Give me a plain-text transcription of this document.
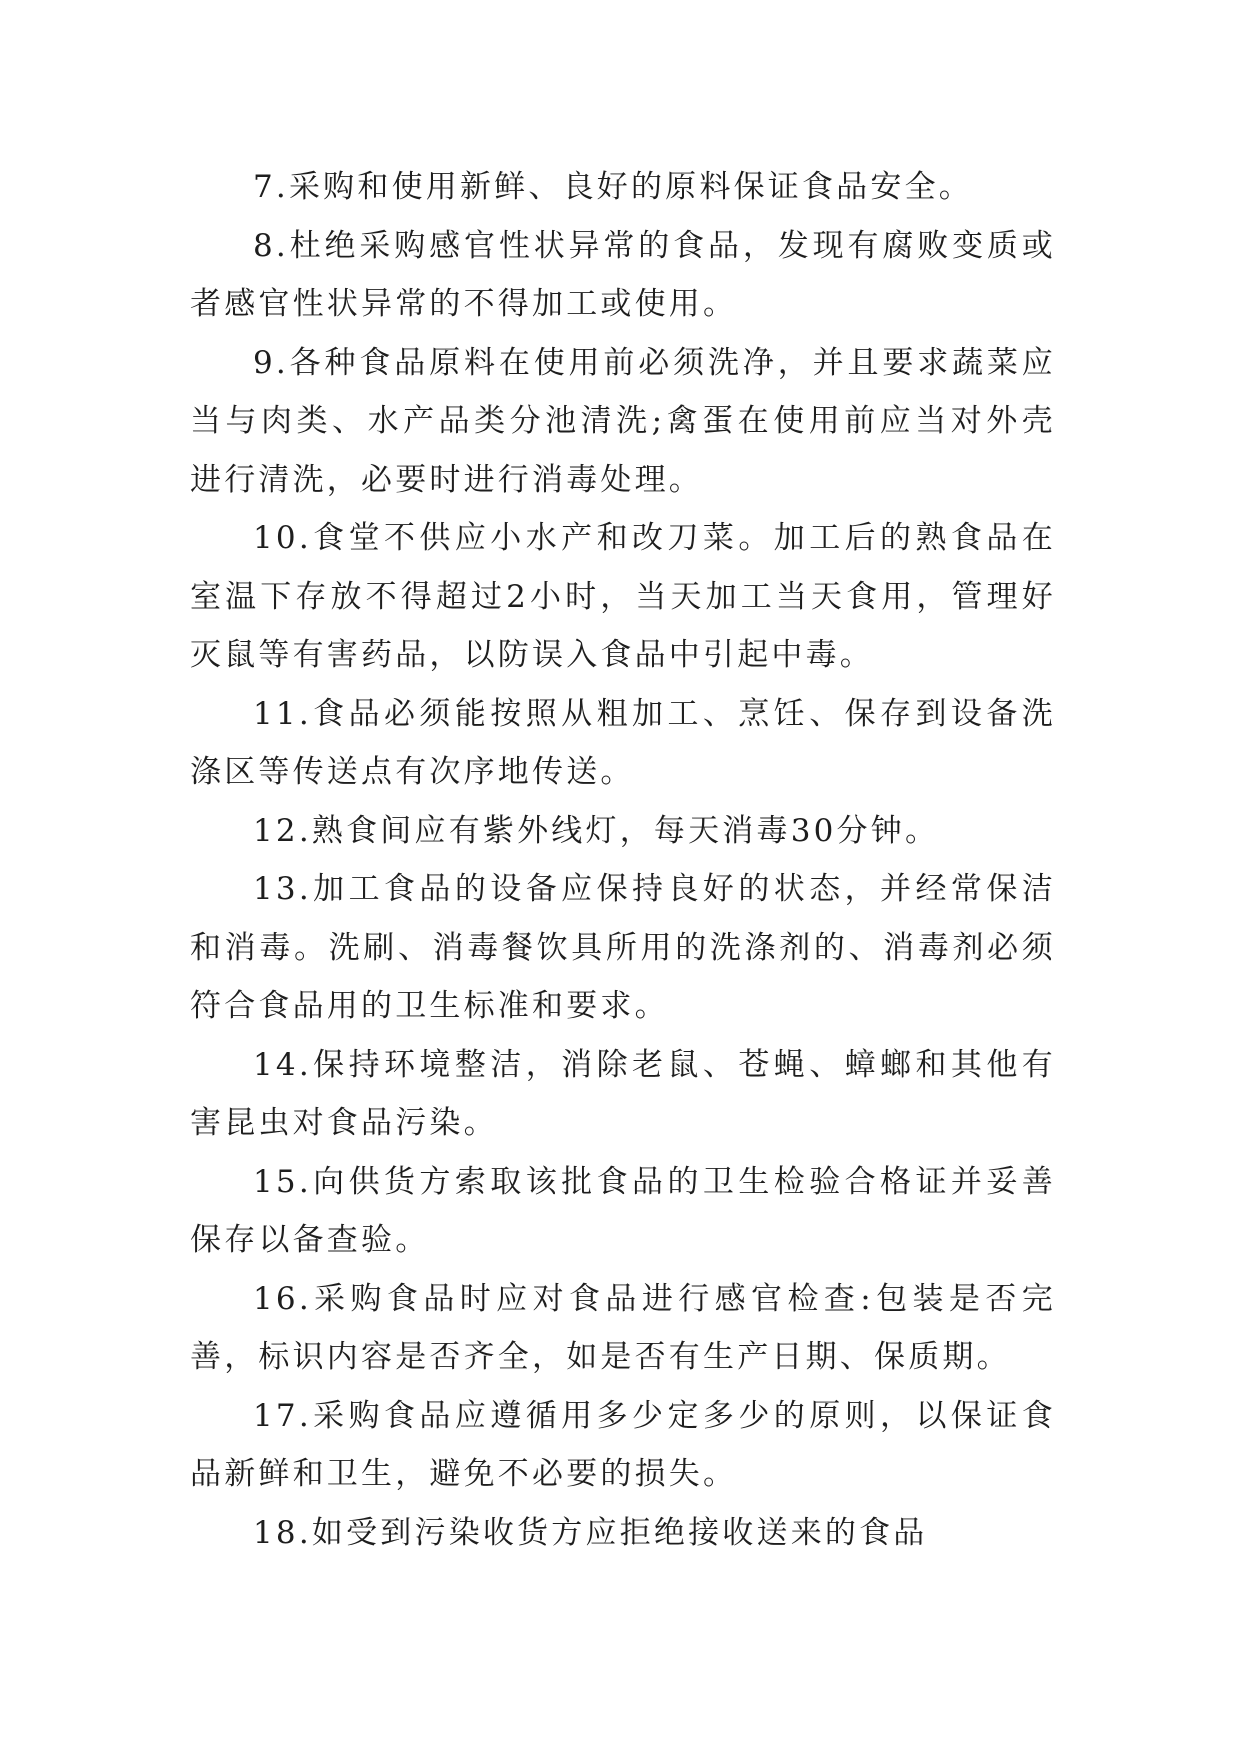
7.采购和使用新鲜、良好的原料保证食品安全。

8.杜绝采购感官性状异常的食品，发现有腐败变质或者感官性状异常的不得加工或使用。

9.各种食品原料在使用前必须洗净，并且要求蔬菜应当与肉类、水产品类分池清洗;禽蛋在使用前应当对外壳进行清洗，必要时进行消毒处理。

10.食堂不供应小水产和改刀菜。加工后的熟食品在室温下存放不得超过2小时，当天加工当天食用，管理好灭鼠等有害药品，以防误入食品中引起中毒。

11.食品必须能按照从粗加工、烹饪、保存到设备洗涤区等传送点有次序地传送。

12.熟食间应有紫外线灯，每天消毒30分钟。

13.加工食品的设备应保持良好的状态，并经常保洁和消毒。洗刷、消毒餐饮具所用的洗涤剂的、消毒剂必须符合食品用的卫生标准和要求。

14.保持环境整洁，消除老鼠、苍蝇、蟑螂和其他有害昆虫对食品污染。

15.向供货方索取该批食品的卫生检验合格证并妥善保存以备查验。

16.采购食品时应对食品进行感官检查:包装是否完善，标识内容是否齐全，如是否有生产日期、保质期。

17.采购食品应遵循用多少定多少的原则，以保证食品新鲜和卫生，避免不必要的损失。

18.如受到污染收货方应拒绝接收送来的食品
